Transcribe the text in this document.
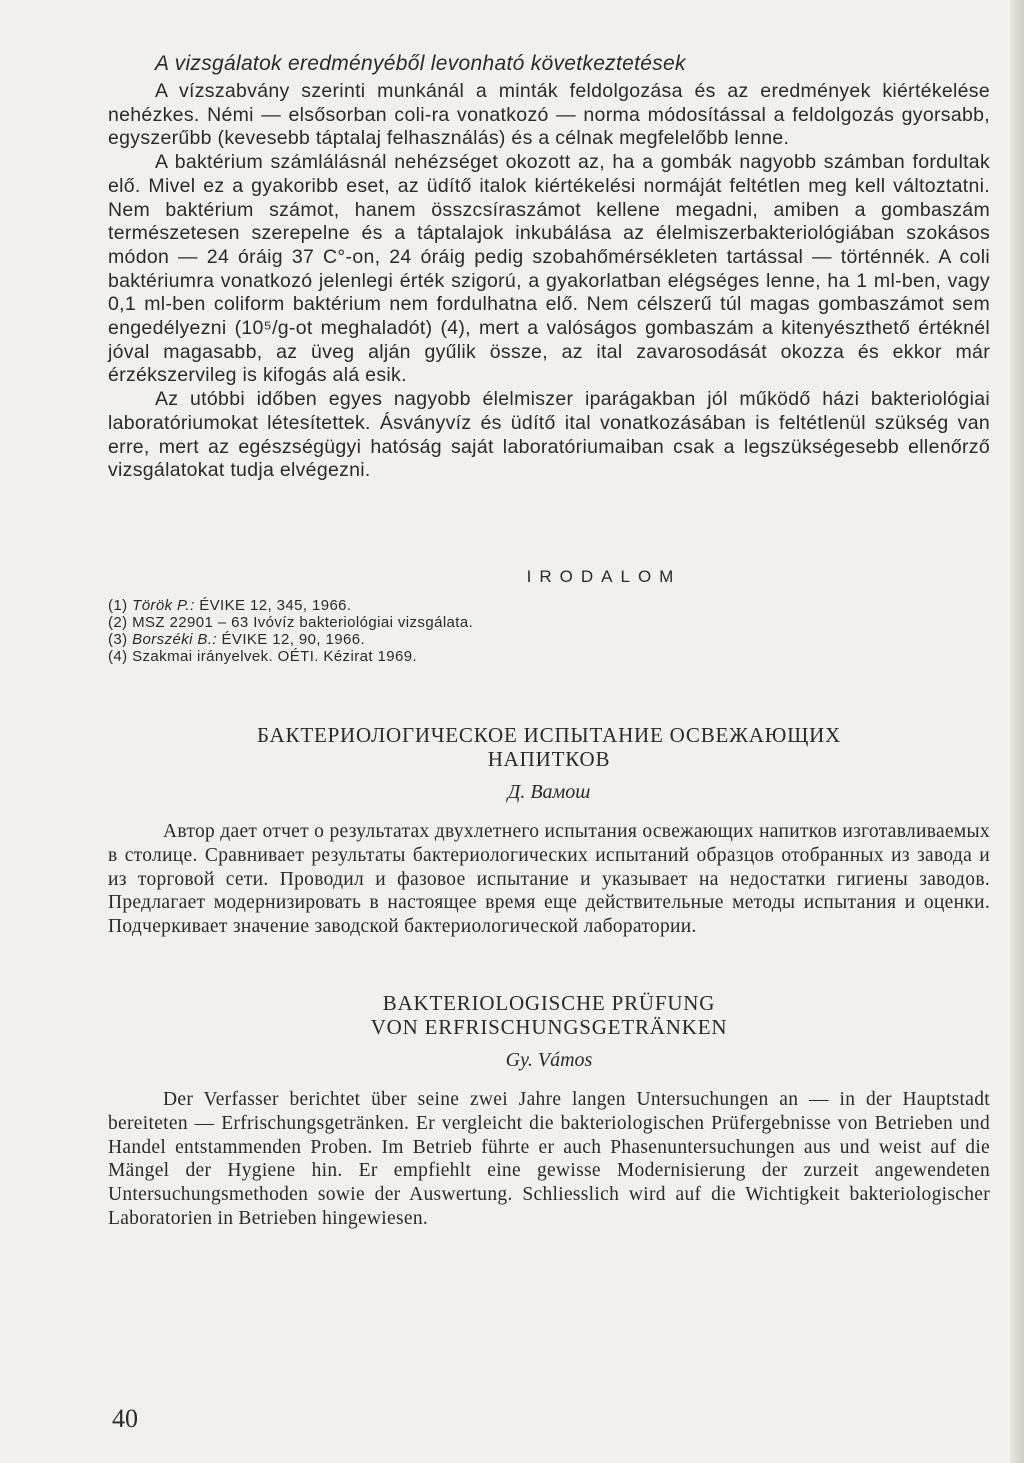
A vizsgálatok eredményéből levonható következtetések

A vízszabvány szerinti munkánál a minták feldolgozása és az eredmények kiértékelése nehézkes. Némi — elsősorban coli-ra vonatkozó — norma módosítással a feldolgozás gyorsabb, egyszerűbb (kevesebb táptalaj felhasználás) és a célnak megfelelőbb lenne.

A baktérium számlálásnál nehézséget okozott az, ha a gombák nagyobb számban fordultak elő. Mivel ez a gyakoribb eset, az üdítő italok kiértékelési normáját feltétlen meg kell változtatni. Nem baktérium számot, hanem összcsíraszámot kellene megadni, amiben a gombaszám természetesen szerepelne és a táptalajok inkubálása az élelmiszerbakteriológiában szokásos módon — 24 óráig 37 C°-on, 24 óráig pedig szobahőmérsékleten tartással — történnék. A coli baktériumra vonatkozó jelenlegi érték szigorú, a gyakorlatban elégséges lenne, ha 1 ml-ben, vagy 0,1 ml-ben coliform baktérium nem fordulhatna elő. Nem célszerű túl magas gombaszámot sem engedélyezni (10⁵/g-ot meghaladót) (4), mert a valóságos gombaszám a kitenyészthető értéknél jóval magasabb, az üveg alján gyűlik össze, az ital zavarosodását okozza és ekkor már érzékszervileg is kifogás alá esik.

Az utóbbi időben egyes nagyobb élelmiszer iparágakban jól működő házi bakteriológiai laboratóriumokat létesítettek. Ásványvíz és üdítő ital vonatkozásában is feltétlenül szükség van erre, mert az egészségügyi hatóság saját laboratóriumaiban csak a legszükségesebb ellenőrző vizsgálatokat tudja elvégezni.

IRODALOM

(1) Török P.: ÉVIKE 12, 345, 1966.

(2) MSZ 22901 – 63 Ivóvíz bakteriológiai vizsgálata.

(3) Borszéki B.: ÉVIKE 12, 90, 1966.

(4) Szakmai irányelvek. OÉTI. Kézirat 1969.

БАКТЕРИОЛОГИЧЕСКОЕ ИСПЫТАНИЕ ОСВЕЖАЮЩИХ
НАПИТКОВ
Д. Вамош

Автор дает отчет о результатах двухлетнего испытания освежающих напитков изготавливаемых в столице. Сравнивает результаты бактериологических испытаний образцов отобранных из завода и из торговой сети. Проводил и фазовое испытание и указывает на недостатки гигиены заводов. Предлагает модернизировать в настоящее время еще действительные методы испытания и оценки. Подчеркивает значение заводской бактериологической лаборатории.

BAKTERIOLOGISCHE PRÜFUNG
VON ERFRISCHUNGSGETRÄNKEN
Gy. Vámos

Der Verfasser berichtet über seine zwei Jahre langen Untersuchungen an — in der Hauptstadt bereiteten — Erfrischungsgetränken. Er vergleicht die bakteriologischen Prüfergebnisse von Betrieben und Handel entstammenden Proben. Im Betrieb führte er auch Phasenuntersuchungen aus und weist auf die Mängel der Hygiene hin. Er empfiehlt eine gewisse Modernisierung der zurzeit angewendeten Untersuchungsmethoden sowie der Auswertung. Schliesslich wird auf die Wichtigkeit bakteriologischer Laboratorien in Betrieben hingewiesen.

40
